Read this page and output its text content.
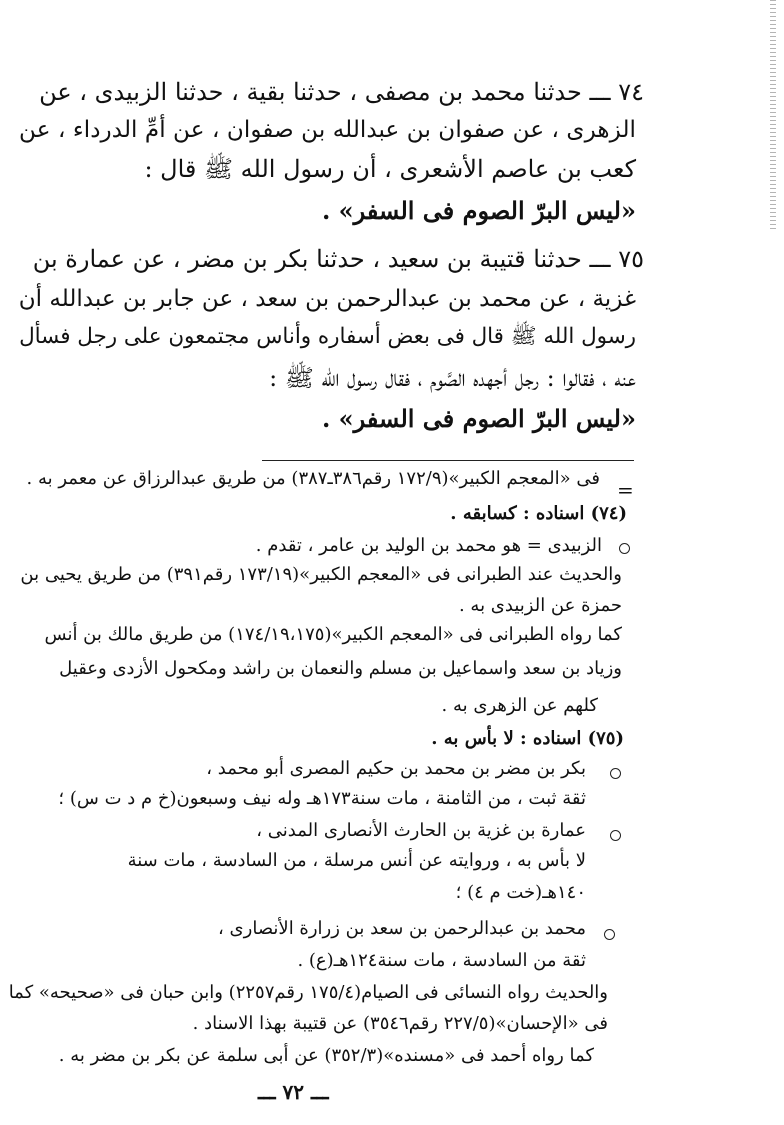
٧٤ ـــ حدثنا محمد بن مصفى ، حدثنا بقية ، حدثنا الزبيدى ، عن
الزهرى ، عن صفوان بن عبدالله بن صفوان ، عن أمِّ الدرداء ، عن
كعب بن عاصم الأشعرى ، أن رسول الله ﷺ قال :
«ليس البرّ الصوم فى السفر» .
٧٥ ـــ حدثنا قتيبة بن سعيد ، حدثنا بكر بن مضر ، عن عمارة بن
غزية ، عن محمد بن عبدالرحمن بن سعد ، عن جابر بن عبدالله أن
رسول الله ﷺ قال فى بعض أسفاره وأناس مجتمعون على رجل فسأل
عنه ، فقالوا : رجل أجهده الصَّوم ، فقال رسول الله ﷺ :
«ليس البرّ الصوم فى السفر» .
=
فى «المعجم الكبير»(١٧٢/٩ رقم٣٨٦ـ٣٨٧) من طريق عبدالرزاق عن معمر به .
(٧٤) اسناده : كسابقه .
الزبيدى = هو محمد بن الوليد بن عامر ، تقدم .
والحديث عند الطبرانى فى «المعجم الكبير»(١٧٣/١٩ رقم٣٩١) من طريق يحيى بن
حمزة عن الزبيدى به .
كما رواه الطبرانى فى «المعجم الكبير»(١٧٤/١٩،١٧٥) من طريق مالك بن أنس
وزياد بن سعد واسماعيل بن مسلم والنعمان بن راشد ومكحول الأزدى وعقيل
كلهم عن الزهرى به .
(٧٥) اسناده : لا بأس به .
بكر بن مضر بن محمد بن حكيم المصرى أبو محمد ،
ثقة ثبت ، من الثامنة ، مات سنة١٧٣هـ وله نيف وسبعون(خ م د ت س) ؛
عمارة بن غزية بن الحارث الأنصارى المدنى ،
لا بأس به ، وروايته عن أنس مرسلة ، من السادسة ، مات سنة
١٤٠هـ(خت م ٤) ؛
محمد بن عبدالرحمن بن سعد بن زرارة الأنصارى ،
ثقة من السادسة ، مات سنة١٢٤هـ(ع) .
والحديث رواه النسائى فى الصيام(١٧٥/٤ رقم٢٢٥٧) وابن حبان فى «صحيحه» كما
فى «الإحسان»(٢٢٧/٥ رقم٣٥٤٦) عن قتيبة بهذا الاسناد .
كما رواه أحمد فى «مسنده»(٣٥٢/٣) عن أبى سلمة عن بكر بن مضر به .
ـــ ٧٢ ـــ
